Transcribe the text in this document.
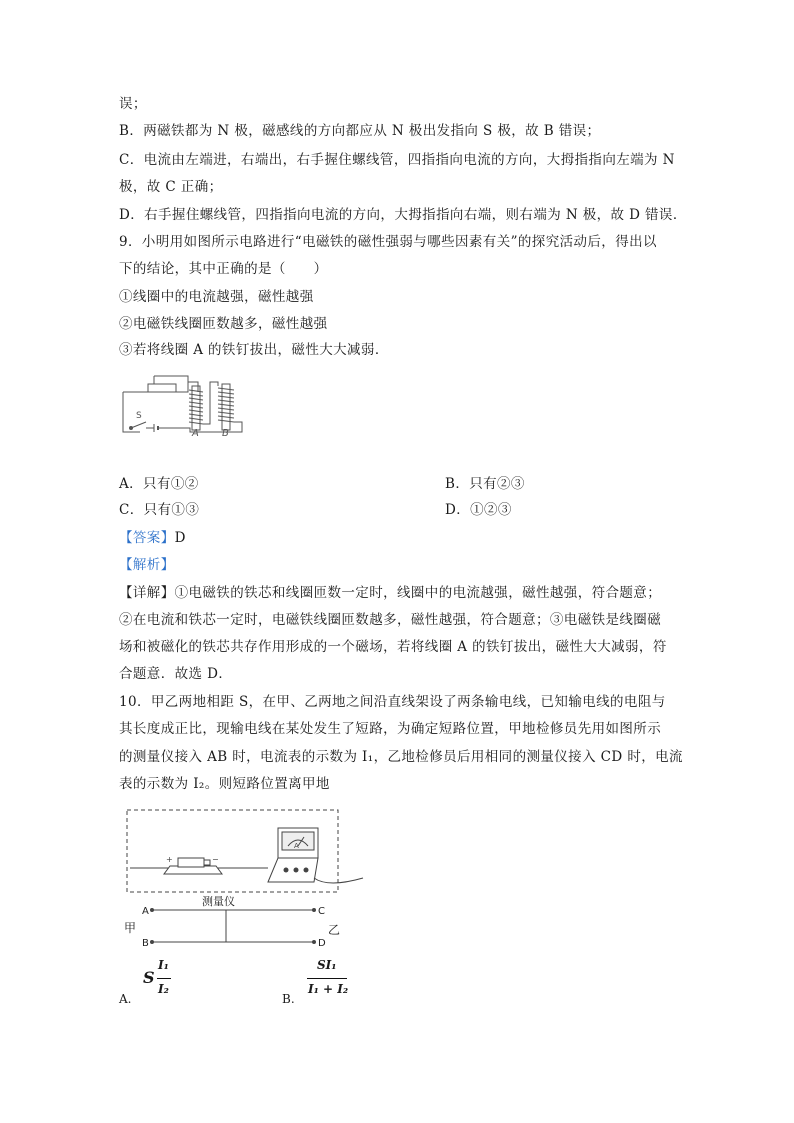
误；
B．两磁铁都为 N 极，磁感线的方向都应从 N 极出发指向 S 极，故 B 错误；
C．电流由左端进，右端出，右手握住螺线管，四指指向电流的方向，大拇指指向左端为 N
极，故 C 正确；
D．右手握住螺线管，四指指向电流的方向，大拇指指向右端，则右端为 N 极，故 D 错误．
9．小明用如图所示电路进行“电磁铁的磁性强弱与哪些因素有关”的探究活动后，得出以
下的结论，其中正确的是（　　）
①线圈中的电流越强，磁性越强
②电磁铁线圈匝数越多，磁性越强
③若将线圈 A 的铁钉拔出，磁性大大减弱．
S
A B
A．只有①②	B．只有②③
C．只有①③	D．①②③
【答案】D
【解析】
【详解】①电磁铁的铁芯和线圈匝数一定时，线圈中的电流越强，磁性越强，符合题意；
②在电流和铁芯一定时，电磁铁线圈匝数越多，磁性越强，符合题意；③电磁铁是线圈磁
场和被磁化的铁芯共存作用形成的一个磁场，若将线圈 A 的铁钉拔出，磁性大大减弱，符
合题意．故选 D．
10．甲乙两地相距 S，在甲、乙两地之间沿直线架设了两条输电线，已知输电线的电阻与
其长度成正比，现输电线在某处发生了短路，为确定短路位置，甲地检修员先用如图所示
的测量仪接入 AB 时，电流表的示数为 I₁，乙地检修员后用相同的测量仪接入 CD 时，电流
表的示数为 I₂。则短路位置离甲地
+	−
A
测量仪
A
B
C
D
甲	乙
A.
S
I₁
I₂
B.
SI₁
I₁ + I₂
